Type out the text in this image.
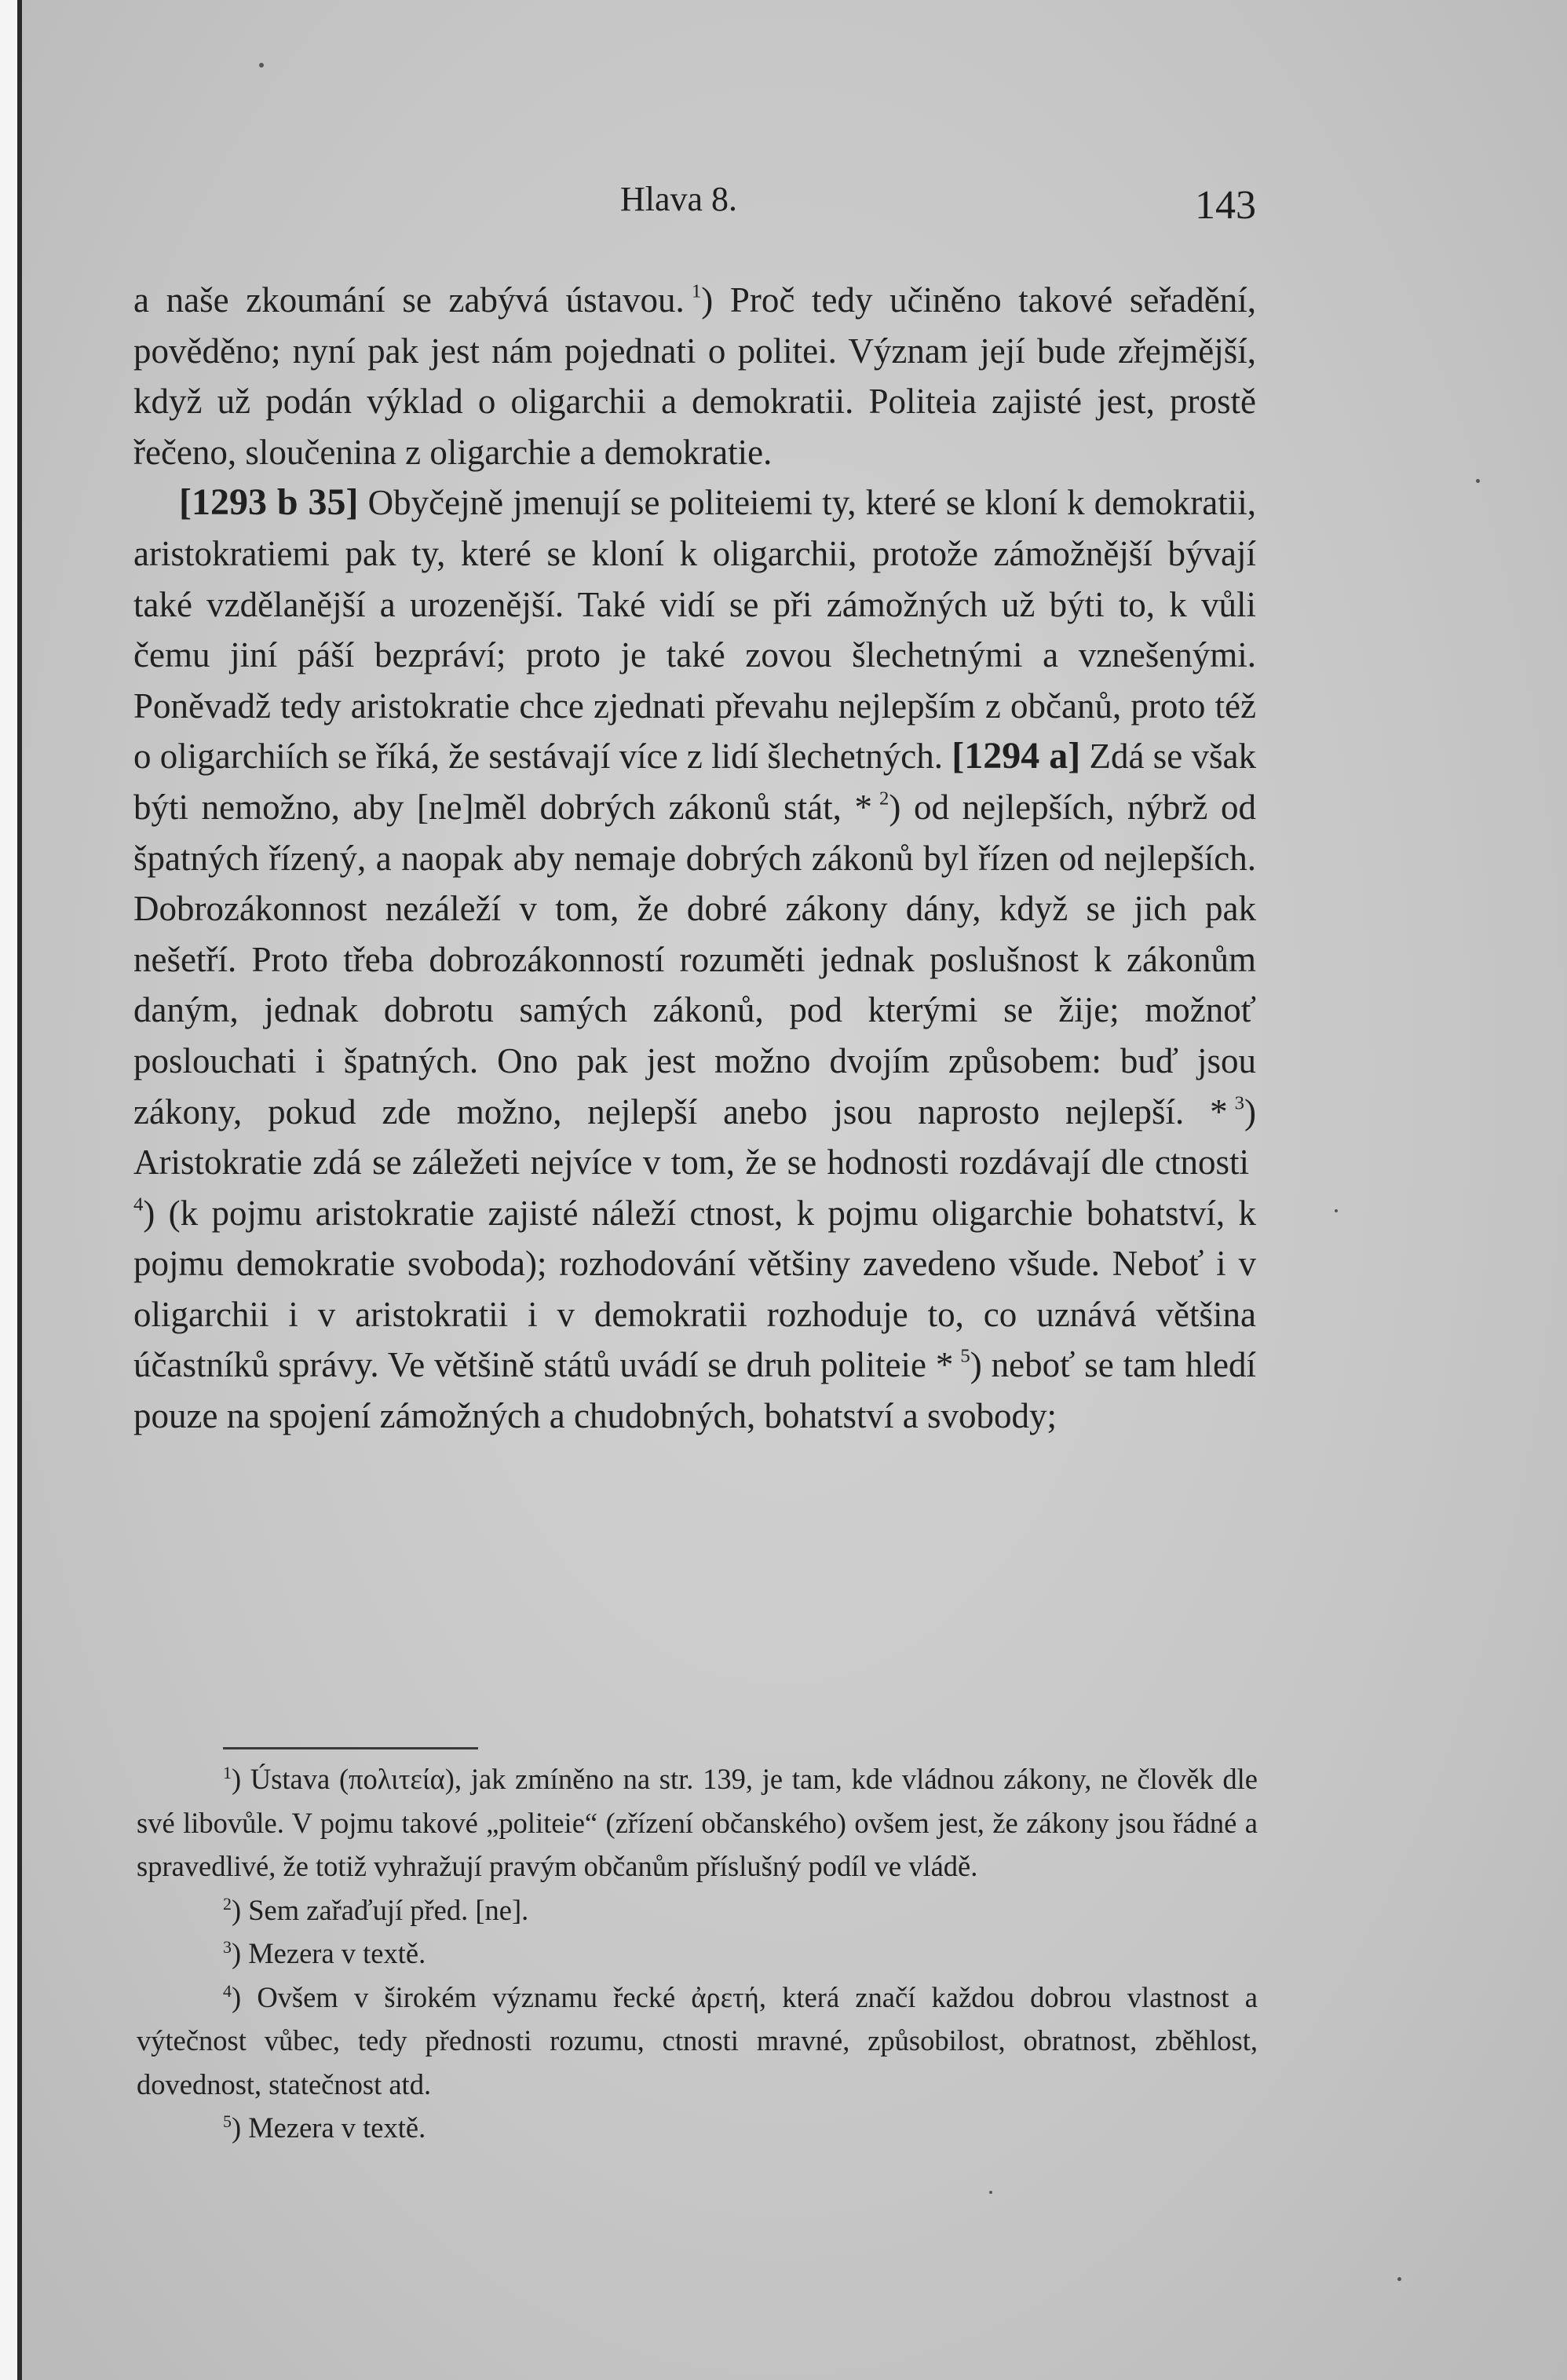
Hlava 8.	143

a naše zkoumání se zabývá ústavou.  $^1$) Proč tedy učiněno takové seřadění, pověděno; nyní pak jest nám pojednati o politei. Význam její bude zřejmější, když už podán výklad o oligarchii a demokratii. Politeia zajisté jest, prostě řečeno, sloučenina z oligarchie a demokratie.

[1293 b 35] Obyčejně jmenují se politeiemi ty, které se kloní k demokratii, aristokratiemi pak ty, které se kloní k oligarchii, protože zámožnější bývají také vzdělanější a urozenější. Také vidí se při zámožných už býti to, k vůli čemu jiní páší bezpráví; proto je také zovou šlechetnými a vznešenými. Poněvadž tedy aristokratie chce zjednati převahu nejlepším z občanů, proto též o oligarchiích se říká, že sestávají více z lidí šlechetných. [1294 a] Zdá se však býti nemožno, aby [ne]měl dobrých zákonů stát, *  $^2$) od nejlepších, nýbrž od špatných řízený, a naopak aby nemaje dobrých zákonů byl řízen od nejlepších. Dobrozákonnost nezáleží v tom, že dobré zákony dány, když se jich pak nešetří. Proto třeba dobrozákonností rozuměti jednak poslušnost k zákonům daným, jednak dobrotu samých zákonů, pod kterými se žije; možnoť poslouchati i špatných. Ono pak jest možno dvojím způsobem: buď jsou zákony, pokud zde možno, nejlepší anebo jsou naprosto nejlepší. *  $^3$) Aristokratie zdá se záležeti nejvíce v tom, že se hodnosti rozdávají dle ctnosti $^4$) (k pojmu aristokratie zajisté náleží ctnost, k pojmu oligarchie bohatství, k pojmu demokratie svoboda); rozhodování většiny zavedeno všude. Neboť i v oligarchii i v aristokratii i v demokratii rozhoduje to, co uznává většina účastníků správy. Ve většině států uvádí se druh politeie *  $^5$) neboť se tam hledí pouze na spojení zámožných a chudobných, bohatství a svobody;

$^1$) Ústava (πολιτεία), jak zmíněno na str. 139, je tam, kde vládnou zákony, ne člověk dle své libovůle. V pojmu takové „politeie“ (zřízení občanského) ovšem jest, že zákony jsou řádné a spravedlivé, že totiž vyhražují pravým občanům příslušný podíl ve vládě.

$^2$) Sem zařaďují před. [ne].

$^3$) Mezera v textě.

$^4$) Ovšem v širokém významu řecké ἀρετή, která značí každou dobrou vlastnost a výtečnost vůbec, tedy přednosti rozumu, ctnosti mravné, způsobilost, obratnost, zběhlost, dovednost, statečnost atd.

$^5$) Mezera v textě.
